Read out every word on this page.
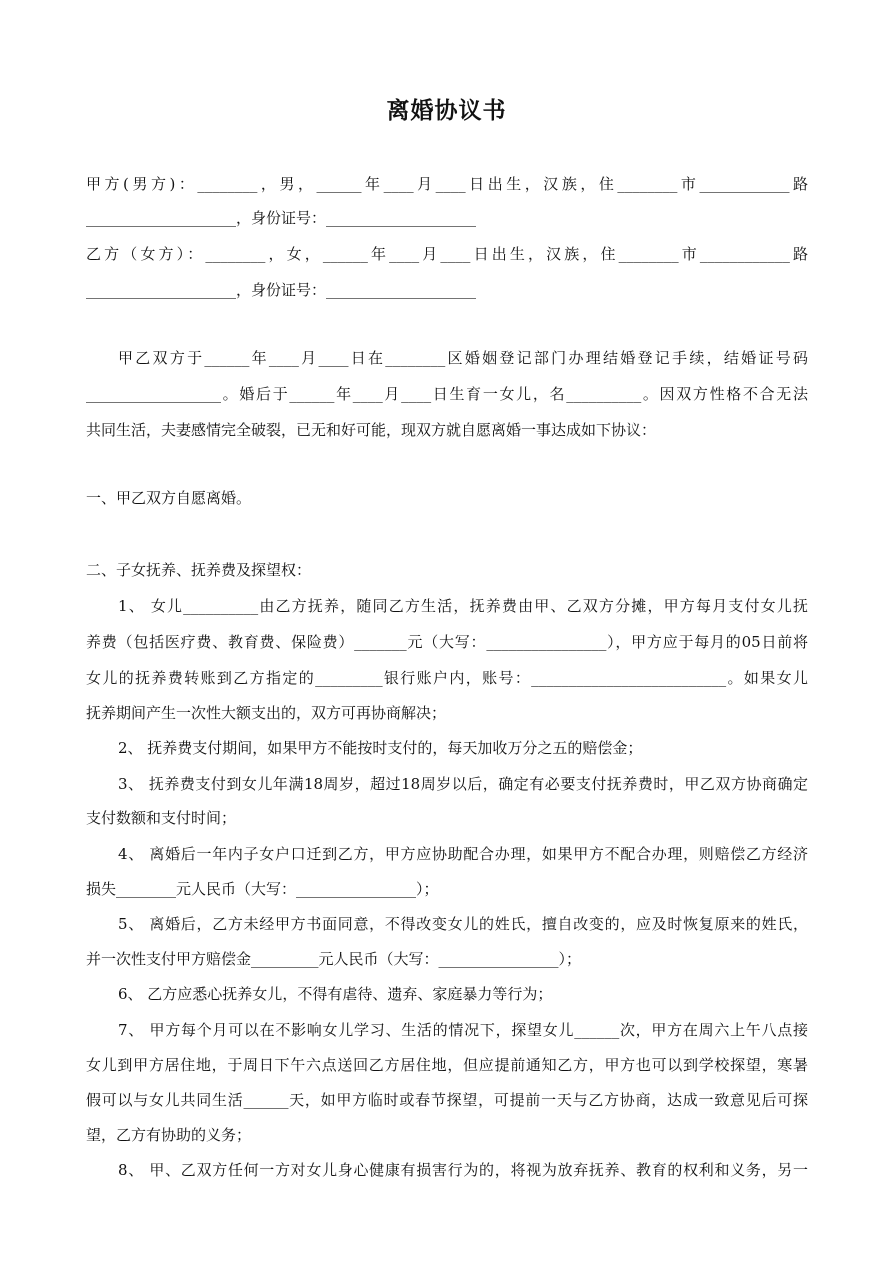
离婚协议书
甲方(男方)：________，男，______年____月____日出生，汉族，住________市____________路
____________________，身份证号：____________________
乙方（女方）：________，女，______年____月____日出生，汉族，住________市____________路
____________________，身份证号：____________________
甲乙双方于______年____月____日在________区婚姻登记部门办理结婚登记手续，结婚证号码
__________________。婚后于______年____月____日生育一女儿，名__________。因双方性格不合无法
共同生活，夫妻感情完全破裂，已无和好可能，现双方就自愿离婚一事达成如下协议：
一、甲乙双方自愿离婚。
二、子女抚养、抚养费及探望权：
1、 女儿__________由乙方抚养，随同乙方生活，抚养费由甲、乙双方分摊，甲方每月支付女儿抚
养费（包括医疗费、教育费、保险费）_______元（大写：________________），甲方应于每月的05日前将
女儿的抚养费转账到乙方指定的_________银行账户内，账号：__________________________。如果女儿
抚养期间产生一次性大额支出的，双方可再协商解决；
2、 抚养费支付期间，如果甲方不能按时支付的，每天加收万分之五的赔偿金；
3、 抚养费支付到女儿年满18周岁，超过18周岁以后，确定有必要支付抚养费时，甲乙双方协商确定
支付数额和支付时间；
4、 离婚后一年内子女户口迁到乙方，甲方应协助配合办理，如果甲方不配合办理，则赔偿乙方经济
损失________元人民币（大写：________________）；
5、 离婚后，乙方未经甲方书面同意，不得改变女儿的姓氏，擅自改变的，应及时恢复原来的姓氏，
并一次性支付甲方赔偿金_________元人民币（大写：________________）；
6、 乙方应悉心抚养女儿，不得有虐待、遗弃、家庭暴力等行为；
7、 甲方每个月可以在不影响女儿学习、生活的情况下，探望女儿______次，甲方在周六上午八点接
女儿到甲方居住地，于周日下午六点送回乙方居住地，但应提前通知乙方，甲方也可以到学校探望，寒暑
假可以与女儿共同生活______天，如甲方临时或春节探望，可提前一天与乙方协商，达成一致意见后可探
望，乙方有协助的义务；
8、 甲、乙双方任何一方对女儿身心健康有损害行为的，将视为放弃抚养、教育的权利和义务，另一
